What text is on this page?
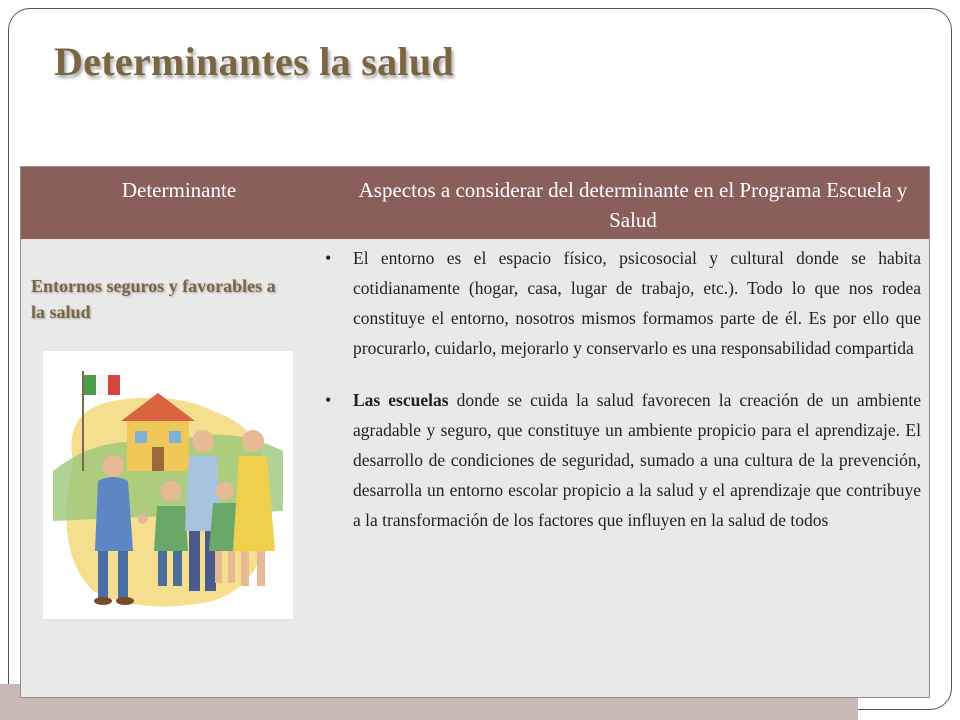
Determinantes la salud
Determinante	Aspectos a considerar del determinante en el Programa Escuela y Salud
Entornos seguros y favorables a la salud
• El entorno es el espacio físico, psicosocial y cultural donde se habita cotidianamente (hogar, casa, lugar de trabajo, etc.). Todo lo que nos rodea constituye el entorno, nosotros mismos formamos parte de él. Es por ello que procurarlo, cuidarlo, mejorarlo y conservarlo es una responsabilidad compartida
• Las escuelas donde se cuida la salud favorecen la creación de un ambiente agradable y seguro, que constituye un ambiente propicio para el aprendizaje. El desarrollo de condiciones de seguridad, sumado a una cultura de la prevención, desarrolla un entorno escolar propicio a la salud y el aprendizaje que contribuye a la transformación de los factores que influyen en la salud de todos
